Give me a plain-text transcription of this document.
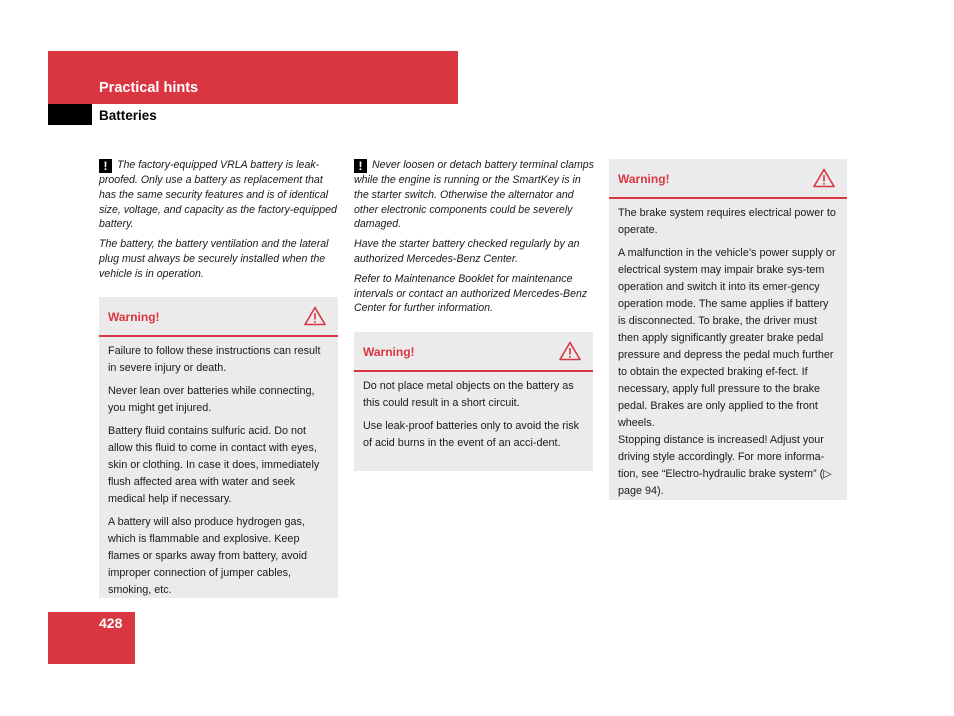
Practical hints
Batteries

! The factory-equipped VRLA battery is leak-proofed. Only use a battery as replacement that has the same security features and is of identical size, voltage, and capacity as the factory-equipped battery.

The battery, the battery ventilation and the lateral plug must always be securely installed when the vehicle is in operation.

Warning!

Failure to follow these instructions can result in severe injury or death.

Never lean over batteries while connecting, you might get injured.

Battery fluid contains sulfuric acid. Do not allow this fluid to come in contact with eyes, skin or clothing. In case it does, immediately flush affected area with water and seek medical help if necessary.

A battery will also produce hydrogen gas, which is flammable and explosive. Keep flames or sparks away from battery, avoid improper connection of jumper cables, smoking, etc.

! Never loosen or detach battery terminal clamps while the engine is running or the SmartKey is in the starter switch. Otherwise the alternator and other electronic components could be severely damaged.

Have the starter battery checked regularly by an authorized Mercedes-Benz Center.

Refer to Maintenance Booklet for maintenance intervals or contact an authorized Mercedes-Benz Center for further information.

Warning!

Do not place metal objects on the battery as this could result in a short circuit.

Use leak-proof batteries only to avoid the risk of acid burns in the event of an acci-dent.

Warning!

The brake system requires electrical power to operate.

A malfunction in the vehicle’s power supply or electrical system may impair brake sys-tem operation and switch it into its emer-gency operation mode. The same applies if battery is disconnected. To brake, the driver must then apply significantly greater brake pedal pressure and depress the pedal much further to obtain the expected braking ef-fect. If necessary, apply full pressure to the brake pedal. Brakes are only applied to the front wheels.

Stopping distance is increased! Adjust your driving style accordingly. For more informa-tion, see “Electro-hydraulic brake system” (▷ page 94).

428
